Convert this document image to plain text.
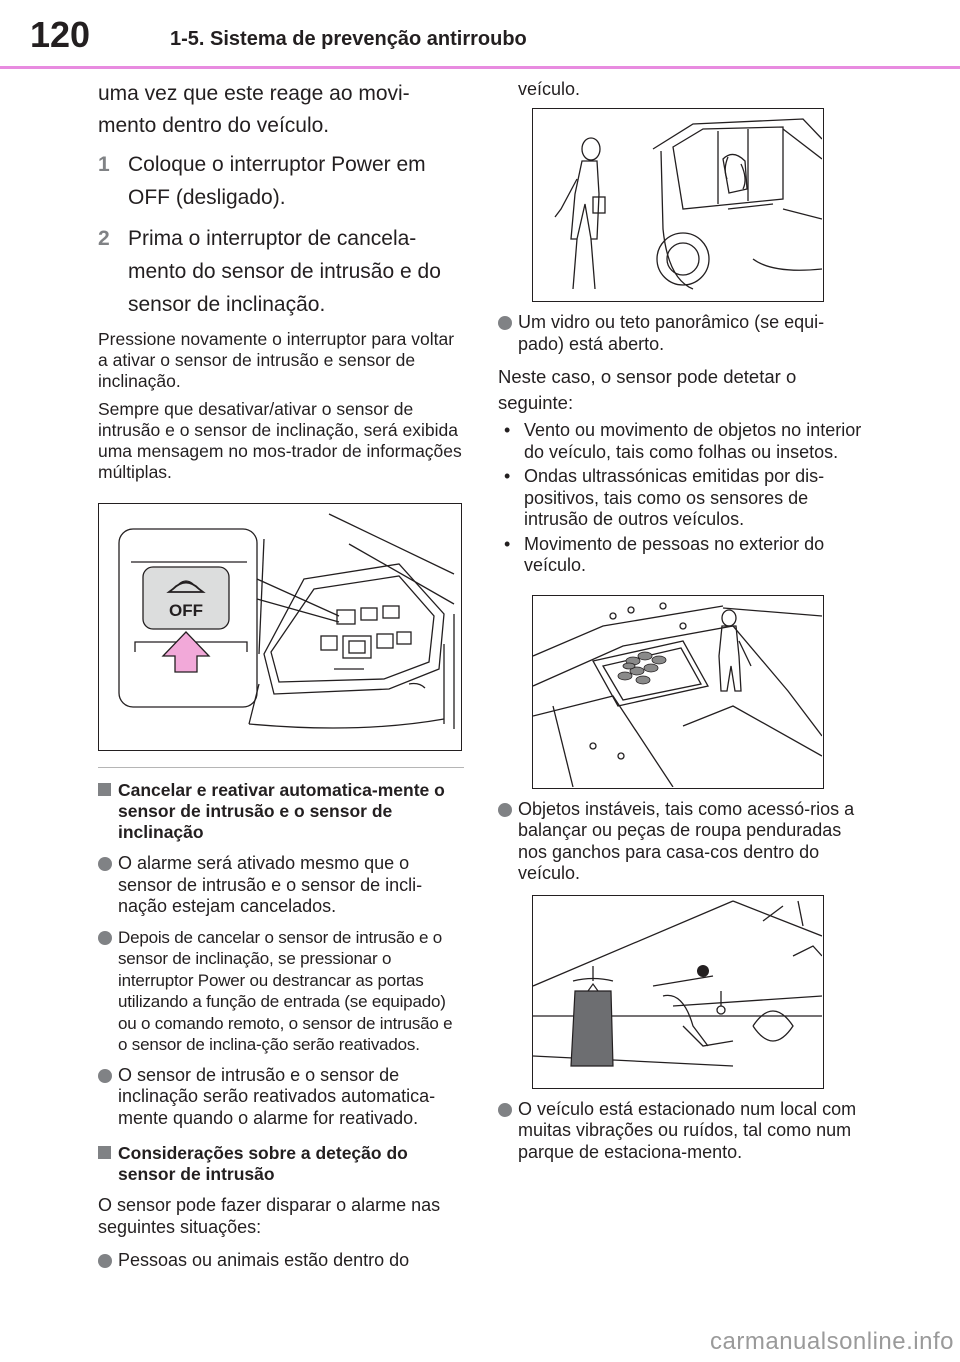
120	1-5. Sistema de prevenção antirroubo

uma vez que este reage ao movi-mento dentro do veículo.

1 Coloque o interruptor Power em OFF (desligado).
2 Prima o interruptor de cancela-mento do sensor de intrusão e do sensor de inclinação.

Pressione novamente o interruptor para voltar a ativar o sensor de intrusão e sensor de inclinação.

Sempre que desativar/ativar o sensor de intrusão e o sensor de inclinação, será exibida uma mensagem no mos-trador de informações múltiplas.

OFF
Cancelar e reativar automatica-mente o sensor de intrusão e o sensor de inclinação
O alarme será ativado mesmo que o sensor de intrusão e o sensor de incli-nação estejam cancelados.
Depois de cancelar o sensor de intrusão e o sensor de inclinação, se pressionar o interruptor Power ou destrancar as portas utilizando a função de entrada (se equipado) ou o comando remoto, o sensor de intrusão e o sensor de inclina-ção serão reativados.
O sensor de intrusão e o sensor de inclinação serão reativados automatica-mente quando o alarme for reativado.
Considerações sobre a deteção do sensor de intrusão

O sensor pode fazer disparar o alarme nas seguintes situações:

Pessoas ou animais estão dentro do

veículo.

Um vidro ou teto panorâmico (se equi-pado) está aberto.

Neste caso, o sensor pode detetar o seguinte:

• Vento ou movimento de objetos no interior do veículo, tais como folhas ou insetos.
• Ondas ultrassónicas emitidas por dis-positivos, tais como os sensores de intrusão de outros veículos.
• Movimento de pessoas no exterior do veículo.
Objetos instáveis, tais como acessó-rios a balançar ou peças de roupa penduradas nos ganchos para casa-cos dentro do veículo.
O veículo está estacionado num local com muitas vibrações ou ruídos, tal como num parque de estaciona-mento.
carmanualsonline.info
